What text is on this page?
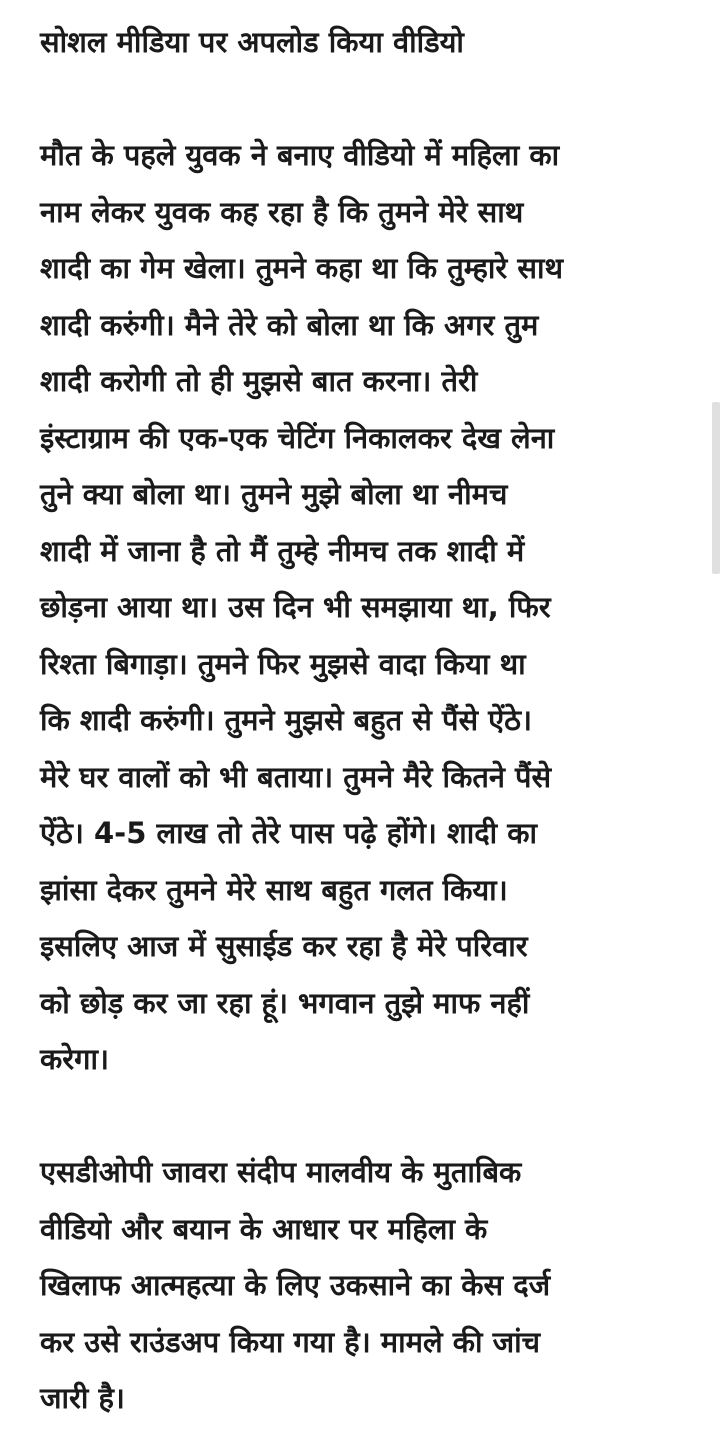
सोशल मीडिया पर अपलोड किया वीडियो

मौत के पहले युवक ने बनाए वीडियो में महिला का
नाम लेकर युवक कह रहा है कि तुमने मेरे साथ
शादी का गेम खेला। तुमने कहा था कि तुम्हारे साथ
शादी करुंगी। मैने तेरे को बोला था कि अगर तुम
शादी करोगी तो ही मुझसे बात करना। तेरी
इंस्टाग्राम की एक-एक चेटिंग निकालकर देख लेना
तुने क्या बोला था। तुमने मुझे बोला था नीमच
शादी में जाना है तो मैं तुम्हे नीमच तक शादी में
छोड़ना आया था। उस दिन भी समझाया था, फिर
रिश्ता बिगाड़ा। तुमने फिर मुझसे वादा किया था
कि शादी करुंगी। तुमने मुझसे बहुत से पैंसे ऐंठे।
मेरे घर वालों को भी बताया। तुमने मैरे कितने पैंसे
ऐंठे। 4-5 लाख तो तेरे पास पढ़े होंगे। शादी का
झांसा देकर तुमने मेरे साथ बहुत गलत किया।
इसलिए आज में सुसाईड कर रहा है मेरे परिवार
को छोड़ कर जा रहा हूं। भगवान तुझे माफ नहीं
करेगा।

एसडीओपी जावरा संदीप मालवीय के मुताबिक
वीडियो और बयान के आधार पर महिला के
खिलाफ आत्महत्या के लिए उकसाने का केस दर्ज
कर उसे राउंडअप किया गया है। मामले की जांच
जारी है।
